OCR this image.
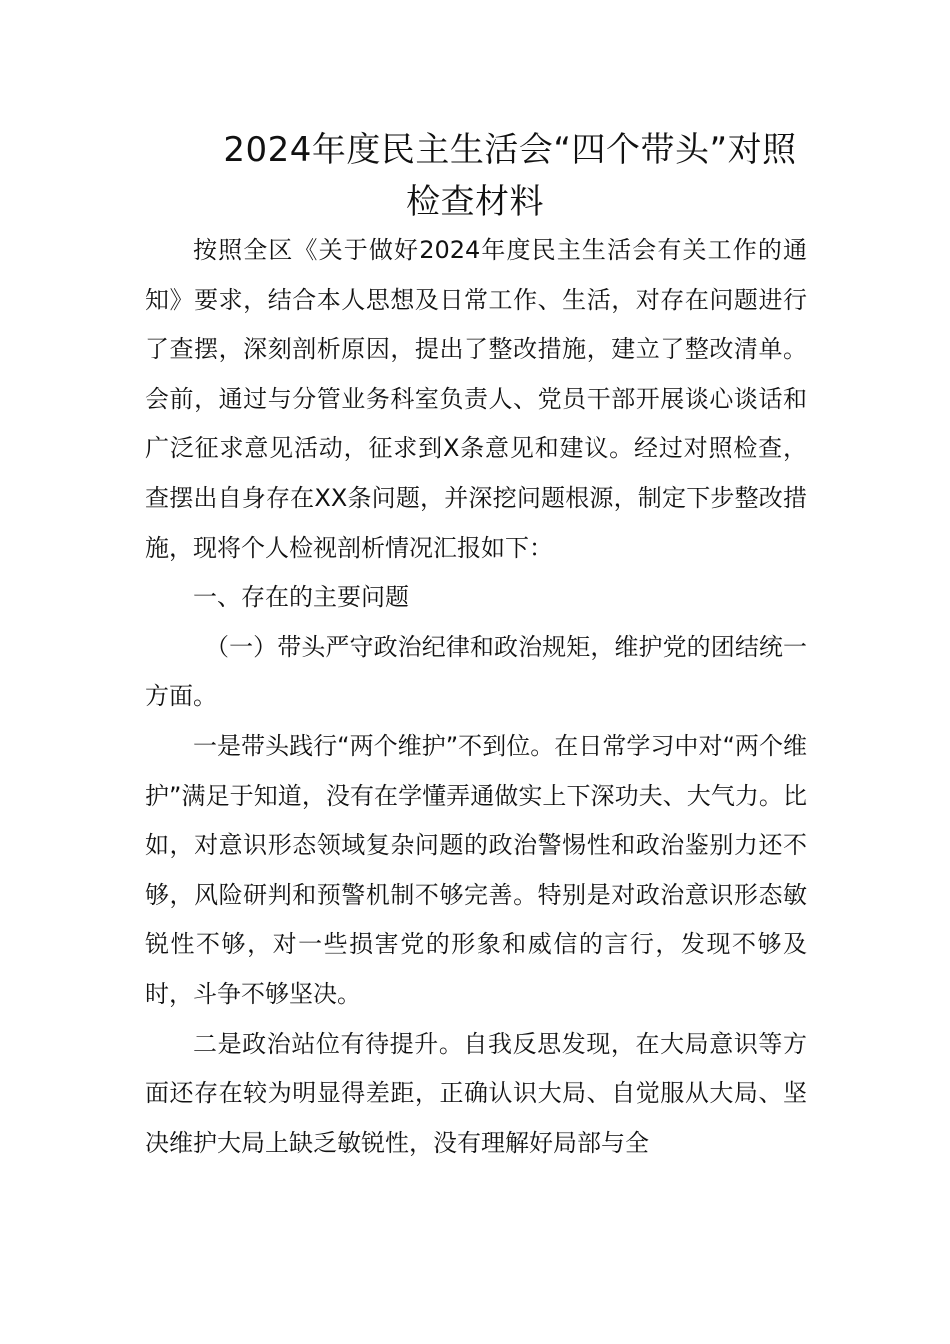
2024年度民主生活会“四个带头”对照
检查材料

按照全区《关于做好2024年度民主生活会有关工作的通知》要求，结合本人思想及日常工作、生活，对存在问题进行了查摆，深刻剖析原因，提出了整改措施，建立了整改清单。会前，通过与分管业务科室负责人、党员干部开展谈心谈话和广泛征求意见活动，征求到X条意见和建议。经过对照检查，查摆出自身存在XX条问题，并深挖问题根源，制定下步整改措施，现将个人检视剖析情况汇报如下：

一、存在的主要问题

（一）带头严守政治纪律和政治规矩，维护党的团结统一方面。

一是带头践行“两个维护”不到位。在日常学习中对“两个维护”满足于知道，没有在学懂弄通做实上下深功夫、大气力。比如，对意识形态领域复杂问题的政治警惕性和政治鉴别力还不够，风险研判和预警机制不够完善。特别是对政治意识形态敏锐性不够，对一些损害党的形象和威信的言行，发现不够及时，斗争不够坚决。

二是政治站位有待提升。自我反思发现，在大局意识等方面还存在较为明显得差距，正确认识大局、自觉服从大局、坚决维护大局上缺乏敏锐性，没有理解好局部与全
